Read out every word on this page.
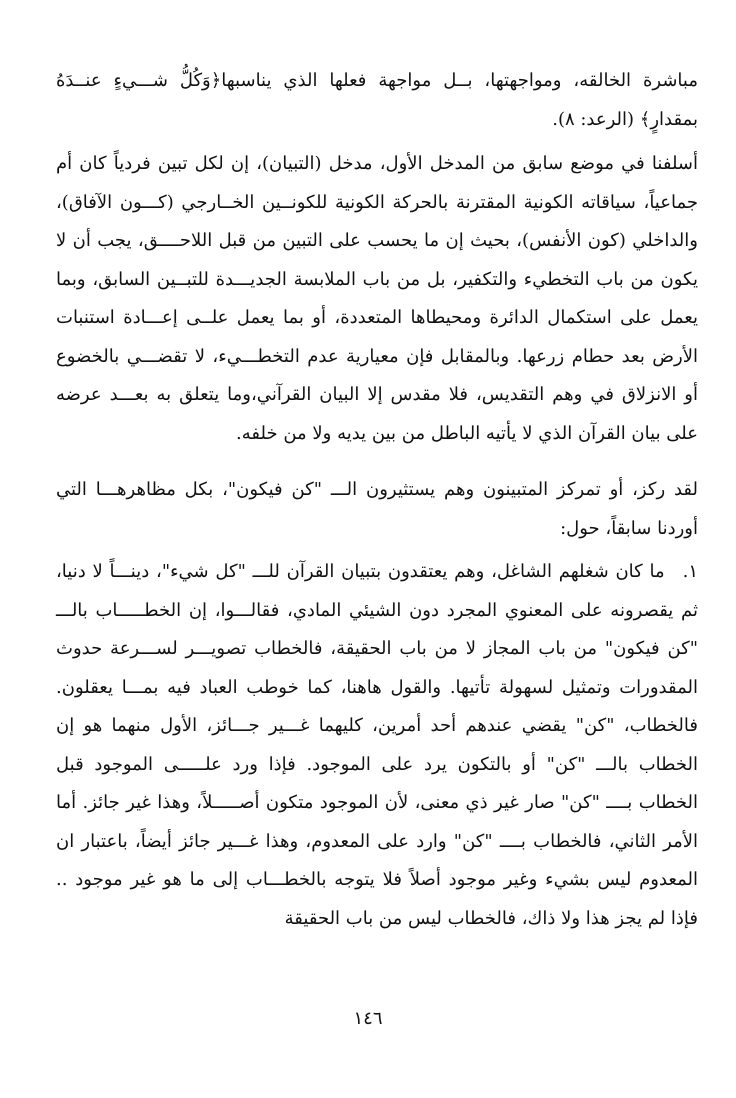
مباشرة الخالقه، ومواجهتها، بــل مواجهة فعلها الذي يناسبها﴿وَكُلُّ شـــيءٍ عنــدَهُ بمقدارٍ﴾ (الرعد: ٨).

أسلفنا في موضع سابق من المدخل الأول، مدخل (التبيان)، إن لكل تبين فردياً كان أم جماعياً، سياقاته الكونية المقترنة بالحركة الكونية للكونــين الخــارجي (كـــون الآفاق)، والداخلي (كون الأنفس)، بحيث إن ما يحسب على التبين من قبل اللاحــــق، يجب أن لا يكون من باب التخطيء والتكفير، بل من باب الملابسة الجديـــدة للتبــين السابق، وبما يعمل على استكمال الدائرة ومحيطاها المتعددة، أو بما يعمل علــى إعـــادة استنبات الأرض بعد حطام زرعها. وبالمقابل فإن معيارية عدم التخطـــيء، لا تقضـــي بالخضوع أو الانزلاق في وهم التقديس، فلا مقدس إلا البيان القرآني،وما يتعلق به بعـــد عرضه على بيان القرآن الذي لا يأتيه الباطل من بين يديه ولا من خلفه.

لقد ركز، أو تمركز المتبينون وهم يستثيرون الـــ "كن فيكون"، بكل مظاهرهـــا التي أوردنا سابقاً، حول:

١.ما كان شغلهم الشاغل، وهم يعتقدون بتبيان القرآن للـــ "كل شيء"، دينـــاً لا دنيا، ثم يقصرونه على المعنوي المجرد دون الشيئي المادي، فقالـــوا، إن الخطـــــاب بالـــ "كن فيكون" من باب المجاز لا من باب الحقيقة، فالخطاب تصويـــر لســـرعة حدوث المقدورات وتمثيل لسهولة تأتيها. والقول هاهنا، كما خوطب العباد فيه بمـــا يعقلون. فالخطاب، "كن" يقضي عندهم أحد أمرين، كليهما غـــير جـــائز، الأول منهما هو إن الخطاب بالـــ "كن" أو بالتكون يرد على الموجود. فإذا ورد علـــــى الموجود قبل الخطاب بــــ "كن" صار غير ذي معنى، لأن الموجود متكون أصـــــلاً، وهذا غير جائز. أما الأمر الثاني، فالخطاب بــــ "كن" وارد على المعدوم، وهذا غـــير جائز أيضاً، باعتبار ان المعدوم ليس بشيء وغير موجود أصلاً فلا يتوجه بالخطـــاب إلى ما هو غير موجود .. فإذا لم يجز هذا ولا ذاك، فالخطاب ليس من باب الحقيقة

١٤٦
